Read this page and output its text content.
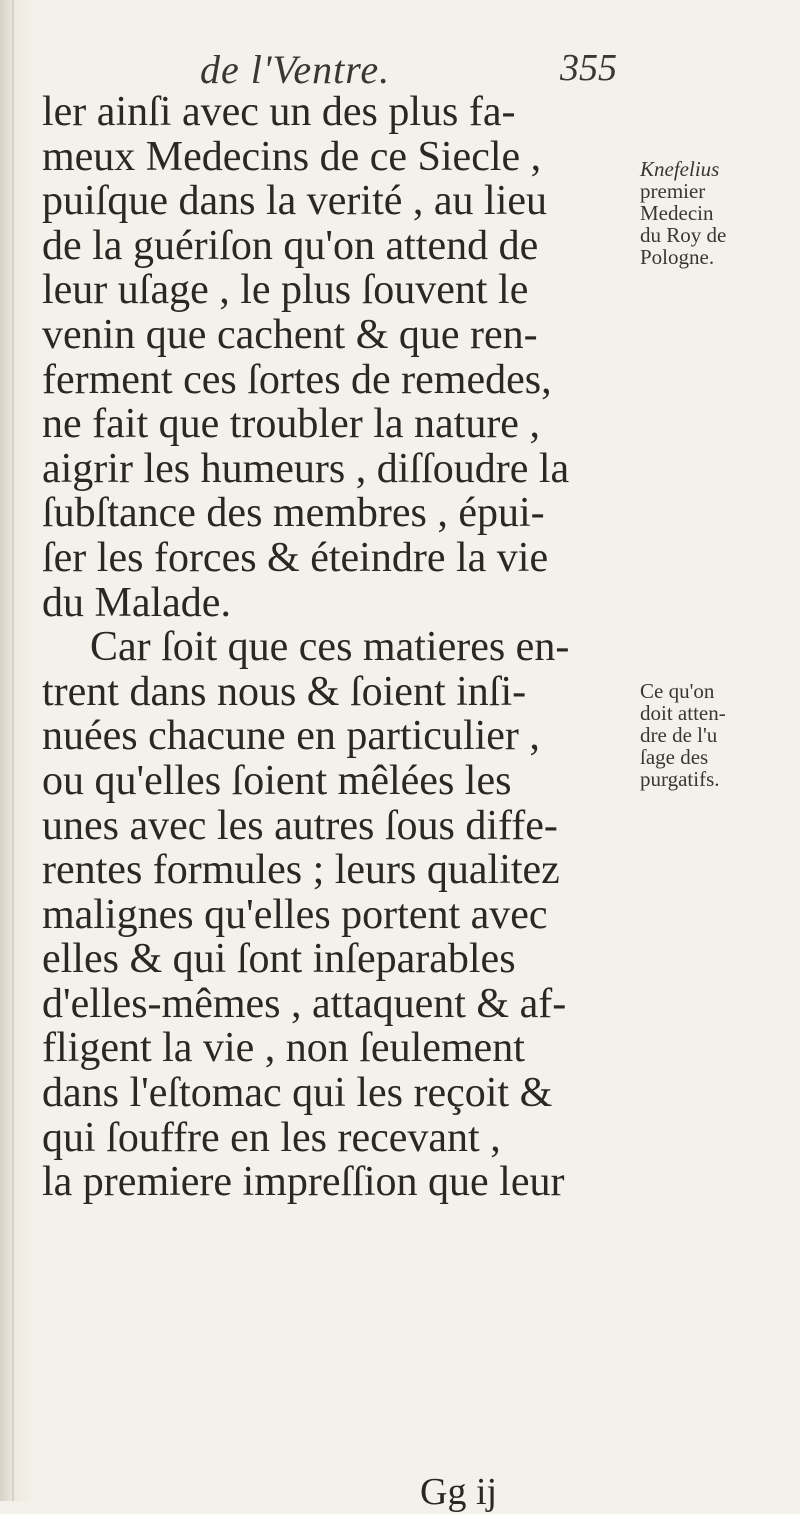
de l'Ventre.	355
ler ainſi avec un des plus fa-
meux Medecins de ce Siecle ,
puiſque dans la verité , au lieu
de la guériſon qu'on attend de
leur uſage , le plus ſouvent le
venin que cachent & que ren-
ferment ces ſortes de remedes,
ne fait que troubler la nature ,
aigrir les humeurs , diſſoudre la
ſubſtance des membres , épui-
ſer les forces & éteindre la vie
du Malade.
Car ſoit que ces matieres en-
trent dans nous & ſoient inſi-
nuées chacune en particulier ,
ou qu'elles ſoient mêlées les
unes avec les autres ſous diffe-
rentes formules ; leurs qualitez
malignes qu'elles portent avec
elles & qui ſont inſeparables
d'elles-mêmes , attaquent & af-
fligent la vie , non ſeulement
dans l'eſtomac qui les reçoit &
qui ſouffre en les recevant ,
la premiere impreſſion que leur
Knefelius
premier
Medecin
du Roy de
Pologne.
Ce qu'on
doit atten-
dre de l'u
ſage des
purgatifs.
Gg ij
